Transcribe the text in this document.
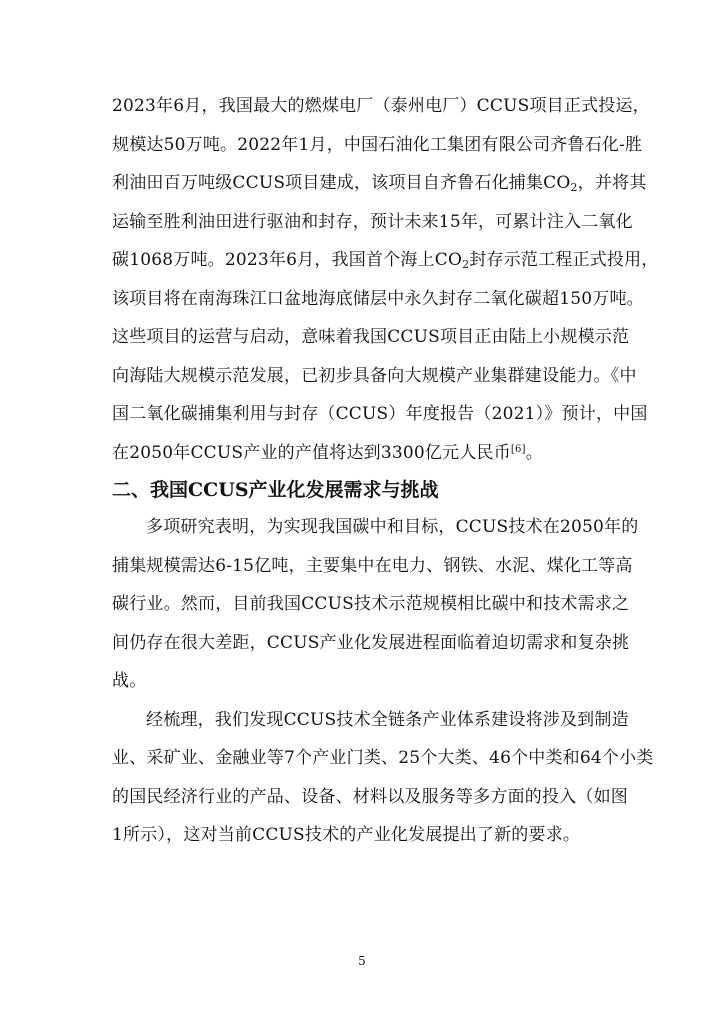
2023年6月，我国最大的燃煤电厂（泰州电厂）CCUS项目正式投运，
规模达50万吨。2022年1月，中国石油化工集团有限公司齐鲁石化-胜
利油田百万吨级CCUS项目建成，该项目自齐鲁石化捕集$CO_2$，并将其
运输至胜利油田进行驱油和封存，预计未来15年，可累计注入二氧化
碳1068万吨。2023年6月，我国首个海上$CO_2$封存示范工程正式投用，
该项目将在南海珠江口盆地海底储层中永久封存二氧化碳超150万吨。
这些项目的运营与启动，意味着我国CCUS项目正由陆上小规模示范
向海陆大规模示范发展，已初步具备向大规模产业集群建设能力。《中
国二氧化碳捕集利用与封存（CCUS）年度报告（2021）》预计，中国
在2050年CCUS产业的产值将达到3300亿元人民币[6]。
二、我国CCUS产业化发展需求与挑战
多项研究表明，为实现我国碳中和目标，CCUS技术在2050年的
捕集规模需达6-15亿吨，主要集中在电力、钢铁、水泥、煤化工等高
碳行业。然而，目前我国CCUS技术示范规模相比碳中和技术需求之
间仍存在很大差距，CCUS产业化发展进程面临着迫切需求和复杂挑
战。
经梳理，我们发现CCUS技术全链条产业体系建设将涉及到制造
业、采矿业、金融业等7个产业门类、25个大类、46个中类和64个小类
的国民经济行业的产品、设备、材料以及服务等多方面的投入（如图
1所示），这对当前CCUS技术的产业化发展提出了新的要求。
5
